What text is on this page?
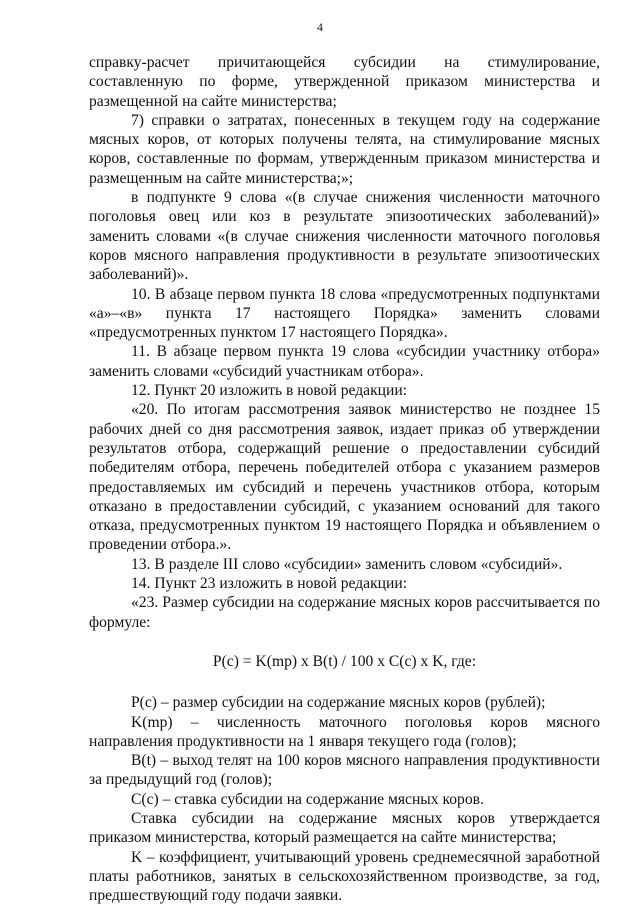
4

справку-расчет причитающейся субсидии на стимулирование, составленную по форме, утвержденной приказом министерства и размещенной на сайте министерства;

7) справки о затратах, понесенных в текущем году на содержание мясных коров, от которых получены телята, на стимулирование мясных коров, составленные по формам, утвержденным приказом министерства и размещенным на сайте министерства;»;

в подпункте 9 слова «(в случае снижения численности маточного поголовья овец или коз в результате эпизоотических заболеваний)» заменить словами «(в случае снижения численности маточного поголовья коров мясного направления продуктивности в результате эпизоотических заболеваний)».

10. В абзаце первом пункта 18 слова «предусмотренных подпунктами «а»–«в» пункта 17 настоящего Порядка» заменить словами «предусмотренных пунктом 17 настоящего Порядка».

11. В абзаце первом пункта 19 слова «субсидии участнику отбора» заменить словами «субсидий участникам отбора».

12. Пункт 20 изложить в новой редакции:

«20. По итогам рассмотрения заявок министерство не позднее 15 рабочих дней со дня рассмотрения заявок, издает приказ об утверждении результатов отбора, содержащий решение о предоставлении субсидий победителям отбора, перечень победителей отбора с указанием размеров предоставляемых им субсидий и перечень участников отбора, которым отказано в предоставлении субсидий, с указанием оснований для такого отказа, предусмотренных пунктом 19 настоящего Порядка и объявлением о проведении отбора.».

13. В разделе III слово «субсидии» заменить словом «субсидий».

14. Пункт 23 изложить в новой редакции:

«23. Размер субсидии на содержание мясных коров рассчитывается по формуле:

P(c) = K(mp) x B(t) / 100 x C(c) x K, где:

P(c) – размер субсидии на содержание мясных коров (рублей);

K(mp) – численность маточного поголовья коров мясного направления продуктивности на 1 января текущего года (голов);

B(t) – выход телят на 100 коров мясного направления продуктивности за предыдущий год (голов);

C(c) – ставка субсидии на содержание мясных коров.

Ставка субсидии на содержание мясных коров утверждается приказом министерства, который размещается на сайте министерства;

K – коэффициент, учитывающий уровень среднемесячной заработной платы работников, занятых в сельскохозяйственном производстве, за год, предшествующий году подачи заявки.
